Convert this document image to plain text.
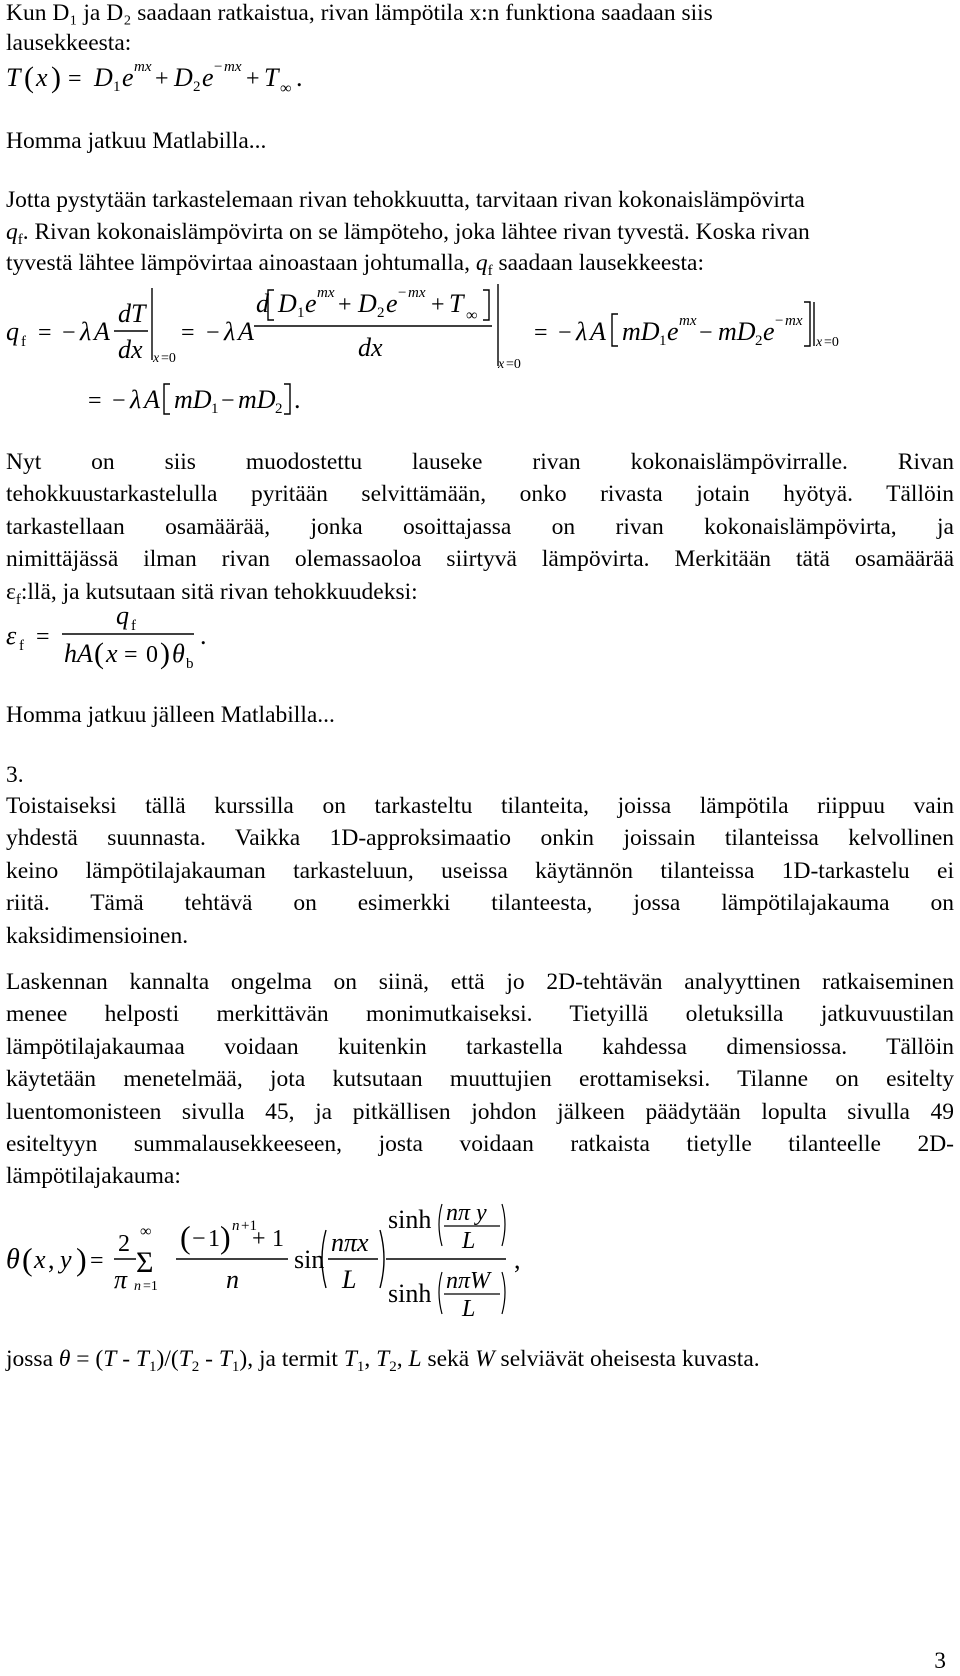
Kun D₁ ja D₂ saadaan ratkaistua, rivan lämpötila x:n funktiona saadaan siis
lausekkeesta:
T ( x ) = D 1 e mx + D 2 e − mx + T ∞ .
Homma jatkuu Matlabilla...
Jotta pystytään tarkastelemaan rivan tehokkuutta, tarvitaan rivan kokonaislämpövirta
$q_f$. Rivan kokonaislämpövirta on se lämpöteho, joka lähtee rivan tyvestä. Koska rivan
tyvestä lähtee lämpövirtaa ainoastaan johtumalla, $q_f$ saadaan lausekkeesta:
q f = − λ A
dT
dx x =0
= − λ A
d D 1 e mx + D 2 e − mx + T ∞
dx
x =0
= − λ A mD 1 e mx − mD 2 e − mx
x =0
= − λ A mD 1 − mD 2 .
Nyt on siis muodostettu lauseke rivan kokonaislämpövirralle. Rivan
tehokkuustarkastelulla pyritään selvittämään, onko rivasta jotain hyötyä. Tällöin
tarkastellaan osamäärää, jonka osoittajassa on rivan kokonaislämpövirta, ja
nimittäjässä ilman rivan olemassaoloa siirtyvä lämpövirta. Merkitään tätä osamäärää
$\varepsilon_f:llä$, ja kutsutaan sitä rivan tehokkuudeksi:
ε f =
q f
hA ( x = 0 ) θ b
.
Homma jatkuu jälleen Matlabilla...
3.
Toistaiseksi tällä kurssilla on tarkasteltu tilanteita, joissa lämpötila riippuu vain
yhdestä suunnasta. Vaikka 1D-approksimaatio onkin joissain tilanteissa kelvollinen
keino lämpötilajakauman tarkasteluun, useissa käytännön tilanteissa 1D-tarkastelu ei
riitä. Tämä tehtävä on esimerkki tilanteesta, jossa lämpötilajakauma on
kaksidimensioinen.
Laskennan kannalta ongelma on siinä, että jo 2D-tehtävän analyyttinen ratkaiseminen
menee helposti merkittävän monimutkaiseksi. Tietyillä oletuksilla jatkuvuustilan
lämpötilajakaumaa voidaan kuitenkin tarkastella kahdessa dimensiossa. Tällöin
käytetään menetelmää, jota kutsutaan muuttujien erottamiseksi. Tilanne on esitelty
luentomonisteen sivulla 45, ja pitkällisen johdon jälkeen päädytään lopulta sivulla 49
esiteltyyn summalausekkeeseen, josta voidaan ratkaista tietylle tilanteelle 2D-
lämpötilajakauma:
θ ( x , y ) =
2
π
∞
Σ
n =1
( − 1 ) n +1
+ 1
n
sin
nπx
L
sinh nπ y
L
sinh nπW
L
,
jossa $\theta = (T - T_1)/(T_2 - T_1)$, ja termit $T_1$, $T_2$, L sekä W selviävät oheisesta kuvasta.
3
